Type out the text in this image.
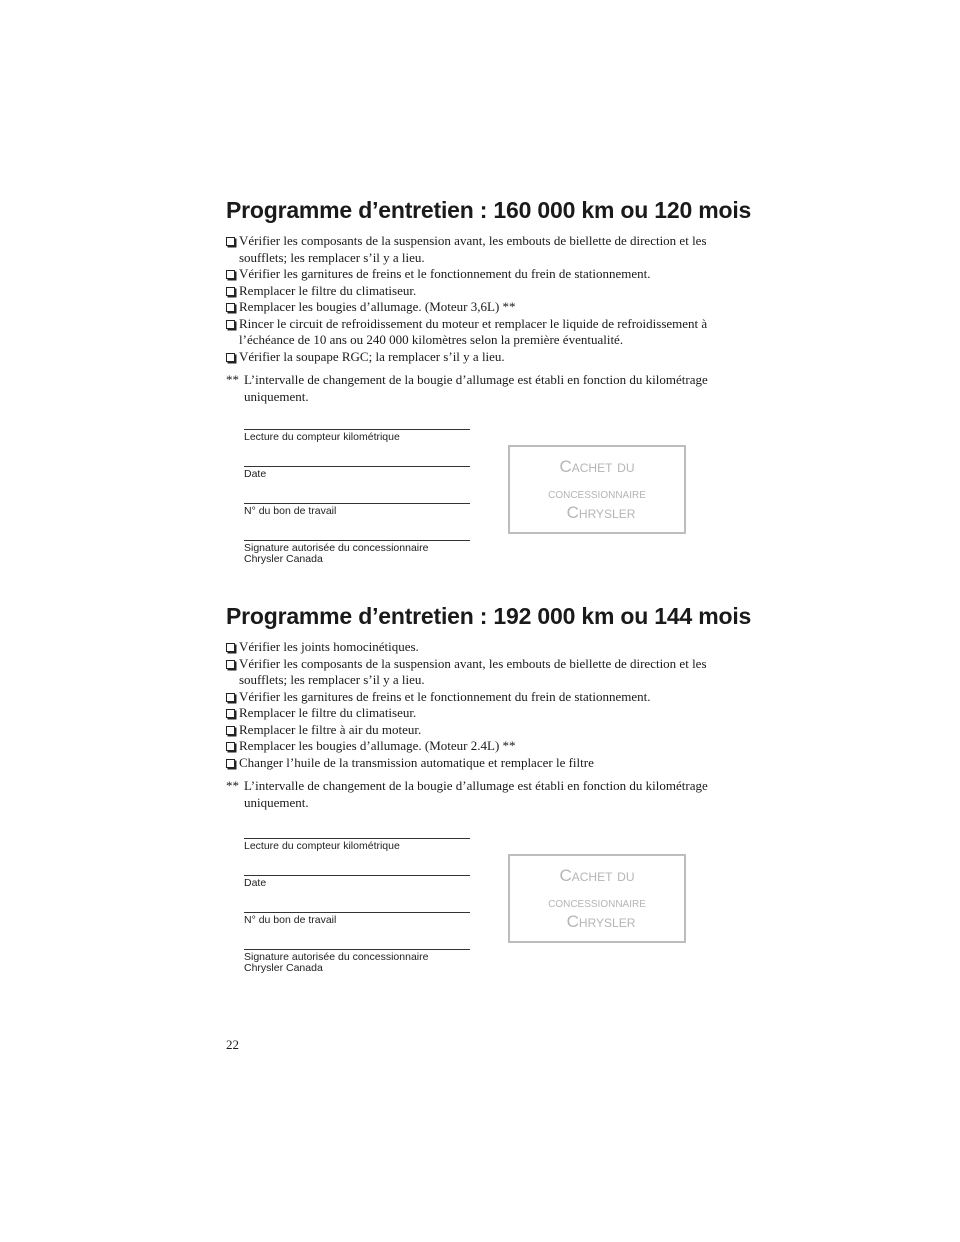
Programme d’entretien : 160 000 km ou 120 mois
Vérifier les composants de la suspension avant, les embouts de biellette de direction et les
soufflets; les remplacer s’il y a lieu.
Vérifier les garnitures de freins et le fonctionnement du frein de stationnement.
Remplacer le filtre du climatiseur.
Remplacer les bougies d’allumage. (Moteur 3,6L) **
Rincer le circuit de refroidissement du moteur et remplacer le liquide de refroidissement à
l’échéance de 10 ans ou 240 000 kilomètres selon la première éventualité.
Vérifier la soupape RGC; la remplacer s’il y a lieu.
** L’intervalle de changement de la bougie d’allumage est établi en fonction du kilométrage
uniquement.
Lecture du compteur kilométrique
Date
N° du bon de travail
Signature autorisée du concessionnaire
Chrysler Canada
Cachet du
concessionnaire
Chrysler
Programme d’entretien : 192 000 km ou 144 mois
Vérifier les joints homocinétiques.
Vérifier les composants de la suspension avant, les embouts de biellette de direction et les
soufflets; les remplacer s’il y a lieu.
Vérifier les garnitures de freins et le fonctionnement du frein de stationnement.
Remplacer le filtre du climatiseur.
Remplacer le filtre à air du moteur.
Remplacer les bougies d’allumage. (Moteur 2.4L) **
Changer l’huile de la transmission automatique et remplacer le filtre
** L’intervalle de changement de la bougie d’allumage est établi en fonction du kilométrage
uniquement.
Lecture du compteur kilométrique
Date
N° du bon de travail
Signature autorisée du concessionnaire
Chrysler Canada
Cachet du
concessionnaire
Chrysler
22
